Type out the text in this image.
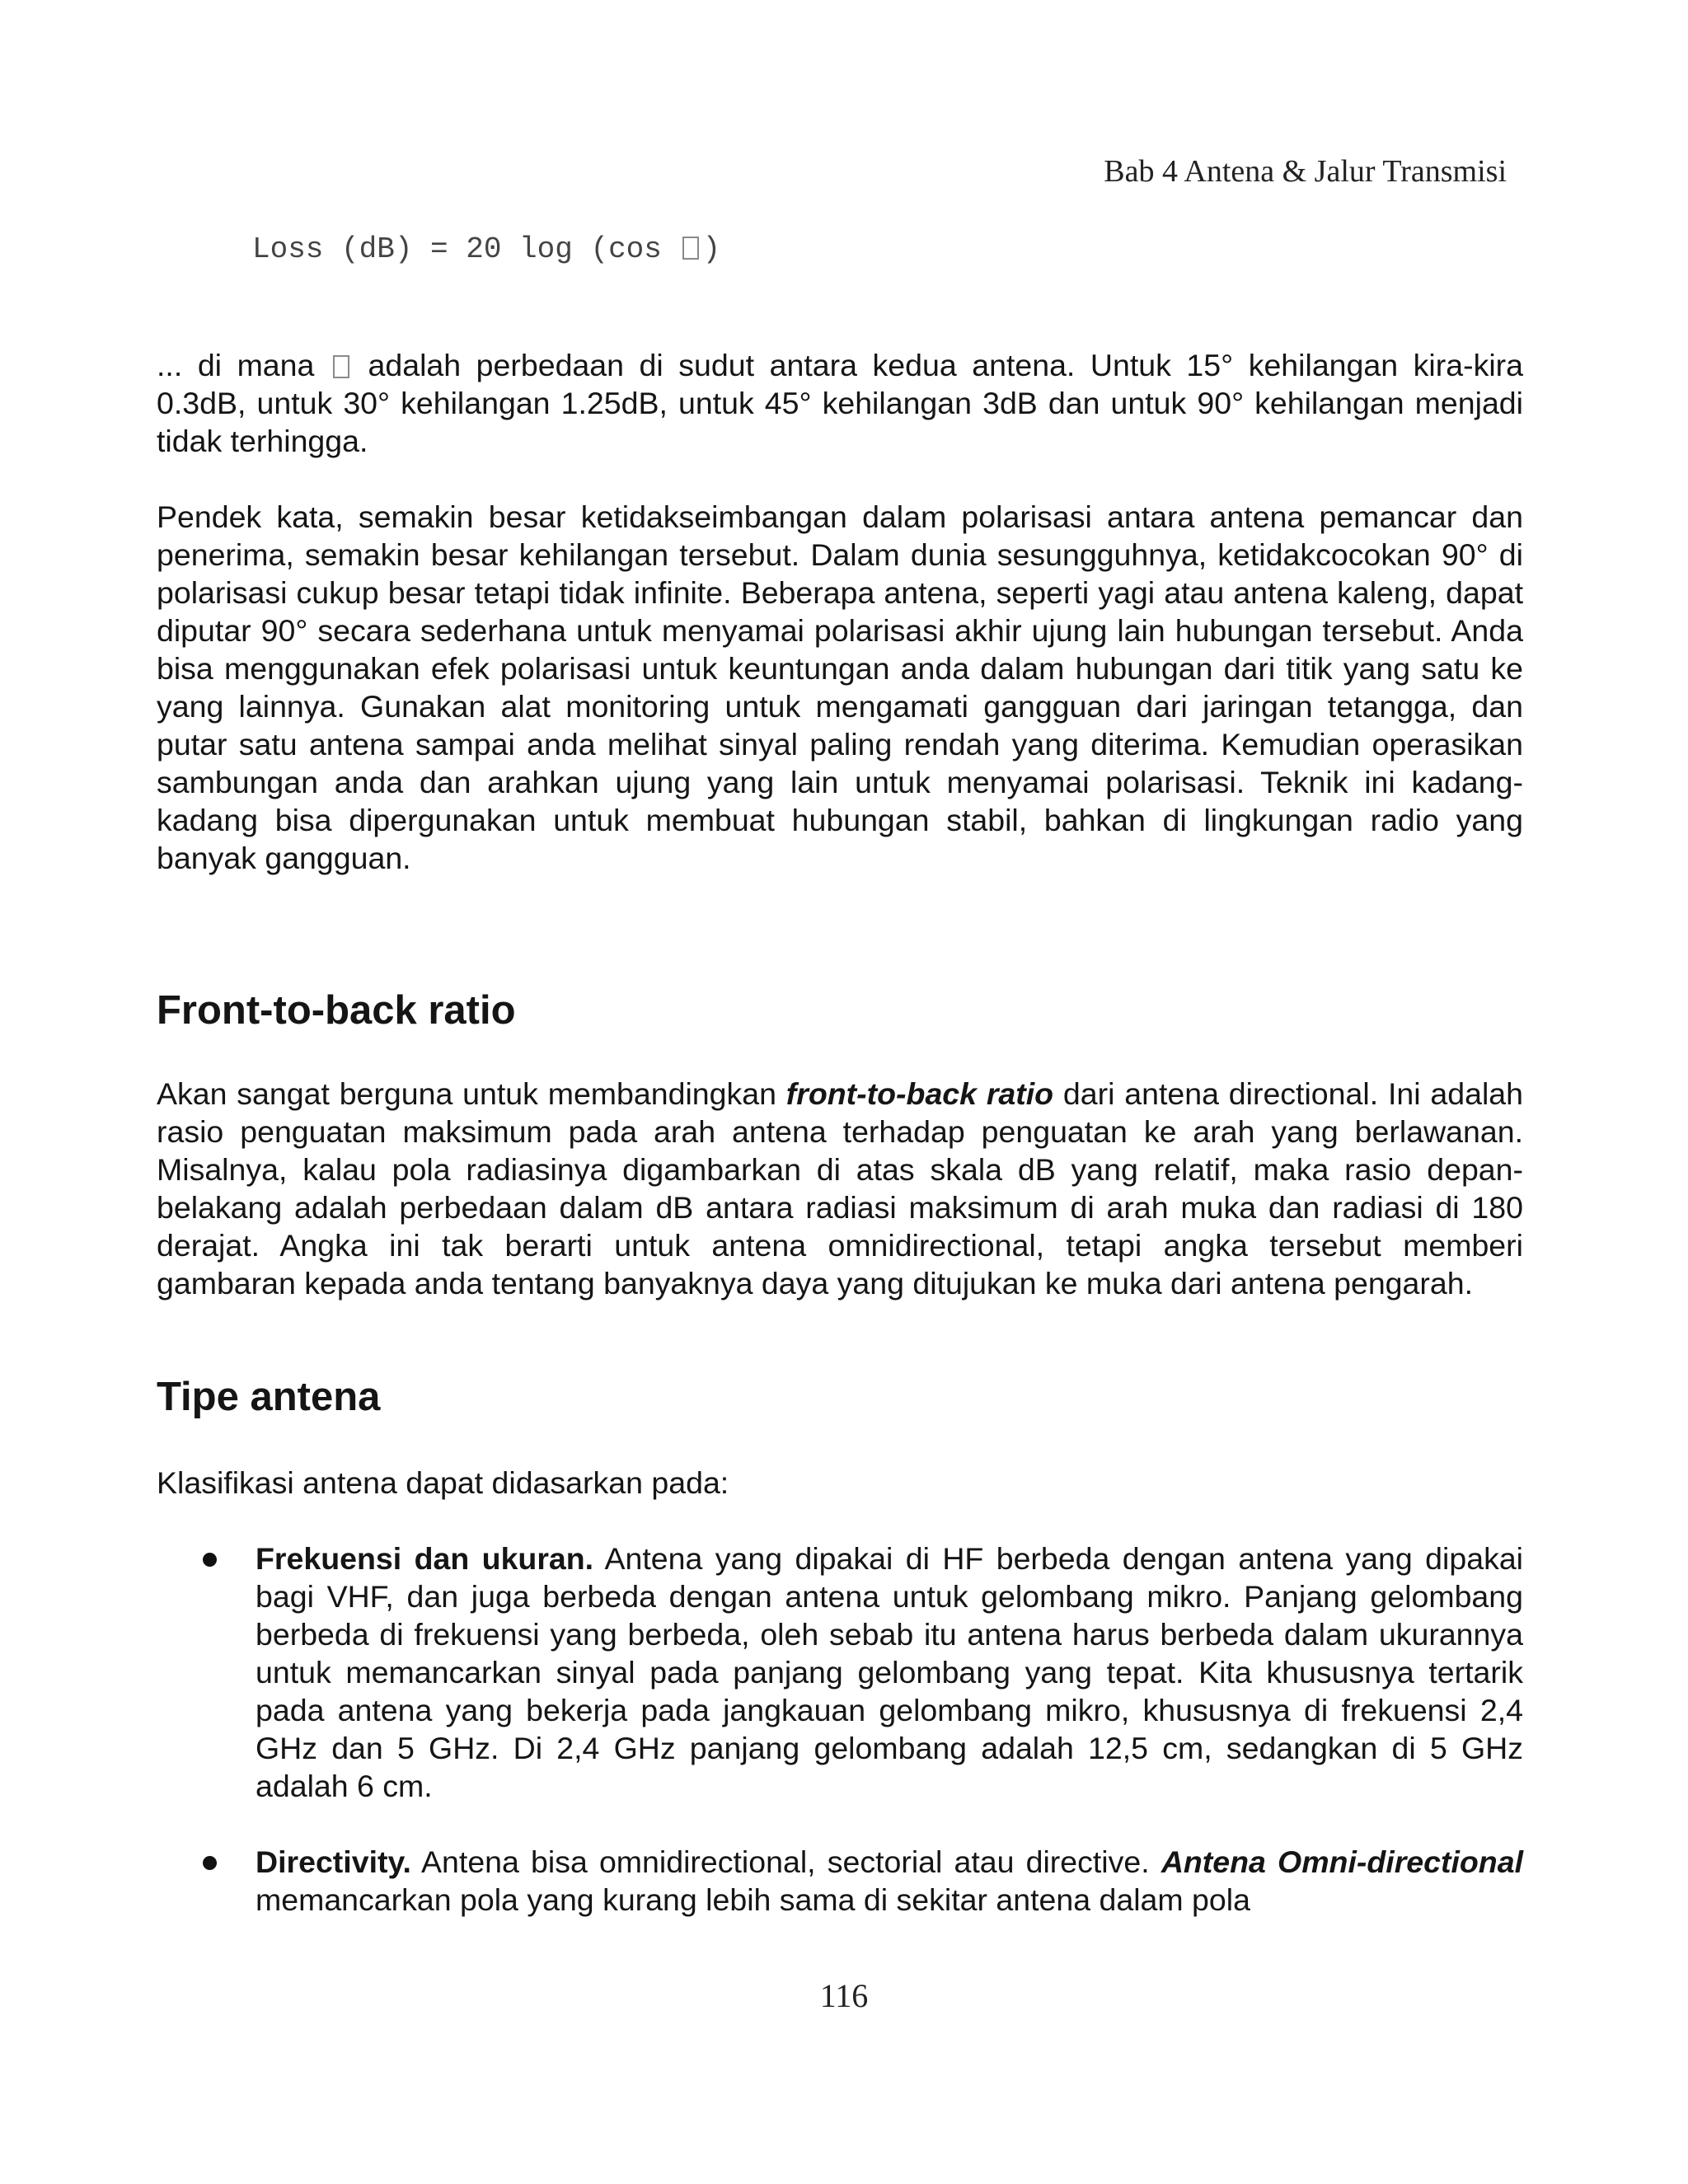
Bab 4 Antena & Jalur Transmisi
Loss (dB) = 20 log (cos )

... di mana  adalah perbedaan di sudut antara kedua antena. Untuk 15° kehilangan kira-kira 0.3dB, untuk 30° kehilangan 1.25dB, untuk 45° kehilangan 3dB dan untuk 90° kehilangan menjadi tidak terhingga.

Pendek kata, semakin besar ketidakseimbangan dalam polarisasi antara antena pemancar dan penerima, semakin besar kehilangan tersebut. Dalam dunia sesungguhnya, ketidakcocokan 90° di polarisasi cukup besar tetapi tidak infinite. Beberapa antena, seperti yagi atau antena kaleng, dapat diputar 90° secara sederhana untuk menyamai polarisasi akhir ujung lain hubungan tersebut. Anda bisa menggunakan efek polarisasi untuk keuntungan anda dalam hubungan dari titik yang satu ke yang lainnya. Gunakan alat monitoring untuk mengamati gangguan dari jaringan tetangga, dan putar satu antena sampai anda melihat sinyal paling rendah yang diterima. Kemudian operasikan sambungan anda dan arahkan ujung yang lain untuk menyamai polarisasi. Teknik ini kadang-kadang bisa dipergunakan untuk membuat hubungan stabil, bahkan di lingkungan radio yang banyak gangguan.

Front-to-back ratio

Akan sangat berguna untuk membandingkan front-to-back ratio dari antena directional. Ini adalah rasio penguatan maksimum pada arah antena terhadap penguatan ke arah yang berlawanan. Misalnya, kalau pola radiasinya digambarkan di atas skala dB yang relatif, maka rasio depan-belakang adalah perbedaan dalam dB antara radiasi maksimum di arah muka dan radiasi di 180 derajat. Angka ini tak berarti untuk antena omnidirectional, tetapi angka tersebut memberi gambaran kepada anda tentang banyaknya daya yang ditujukan ke muka dari antena pengarah.

Tipe antena

Klasifikasi antena dapat didasarkan pada:

Frekuensi dan ukuran. Antena yang dipakai di HF berbeda dengan antena yang dipakai bagi VHF, dan juga berbeda dengan antena untuk gelombang mikro. Panjang gelombang berbeda di frekuensi yang berbeda, oleh sebab itu antena harus berbeda dalam ukurannya untuk memancarkan sinyal pada panjang gelombang yang tepat. Kita khususnya tertarik pada antena yang bekerja pada jangkauan gelombang mikro, khususnya di frekuensi 2,4 GHz dan 5 GHz. Di 2,4 GHz panjang gelombang adalah 12,5 cm, sedangkan di 5 GHz adalah 6 cm.
Directivity. Antena bisa omnidirectional, sectorial atau directive. Antena Omni-directional memancarkan pola yang kurang lebih sama di sekitar antena dalam pola
116
